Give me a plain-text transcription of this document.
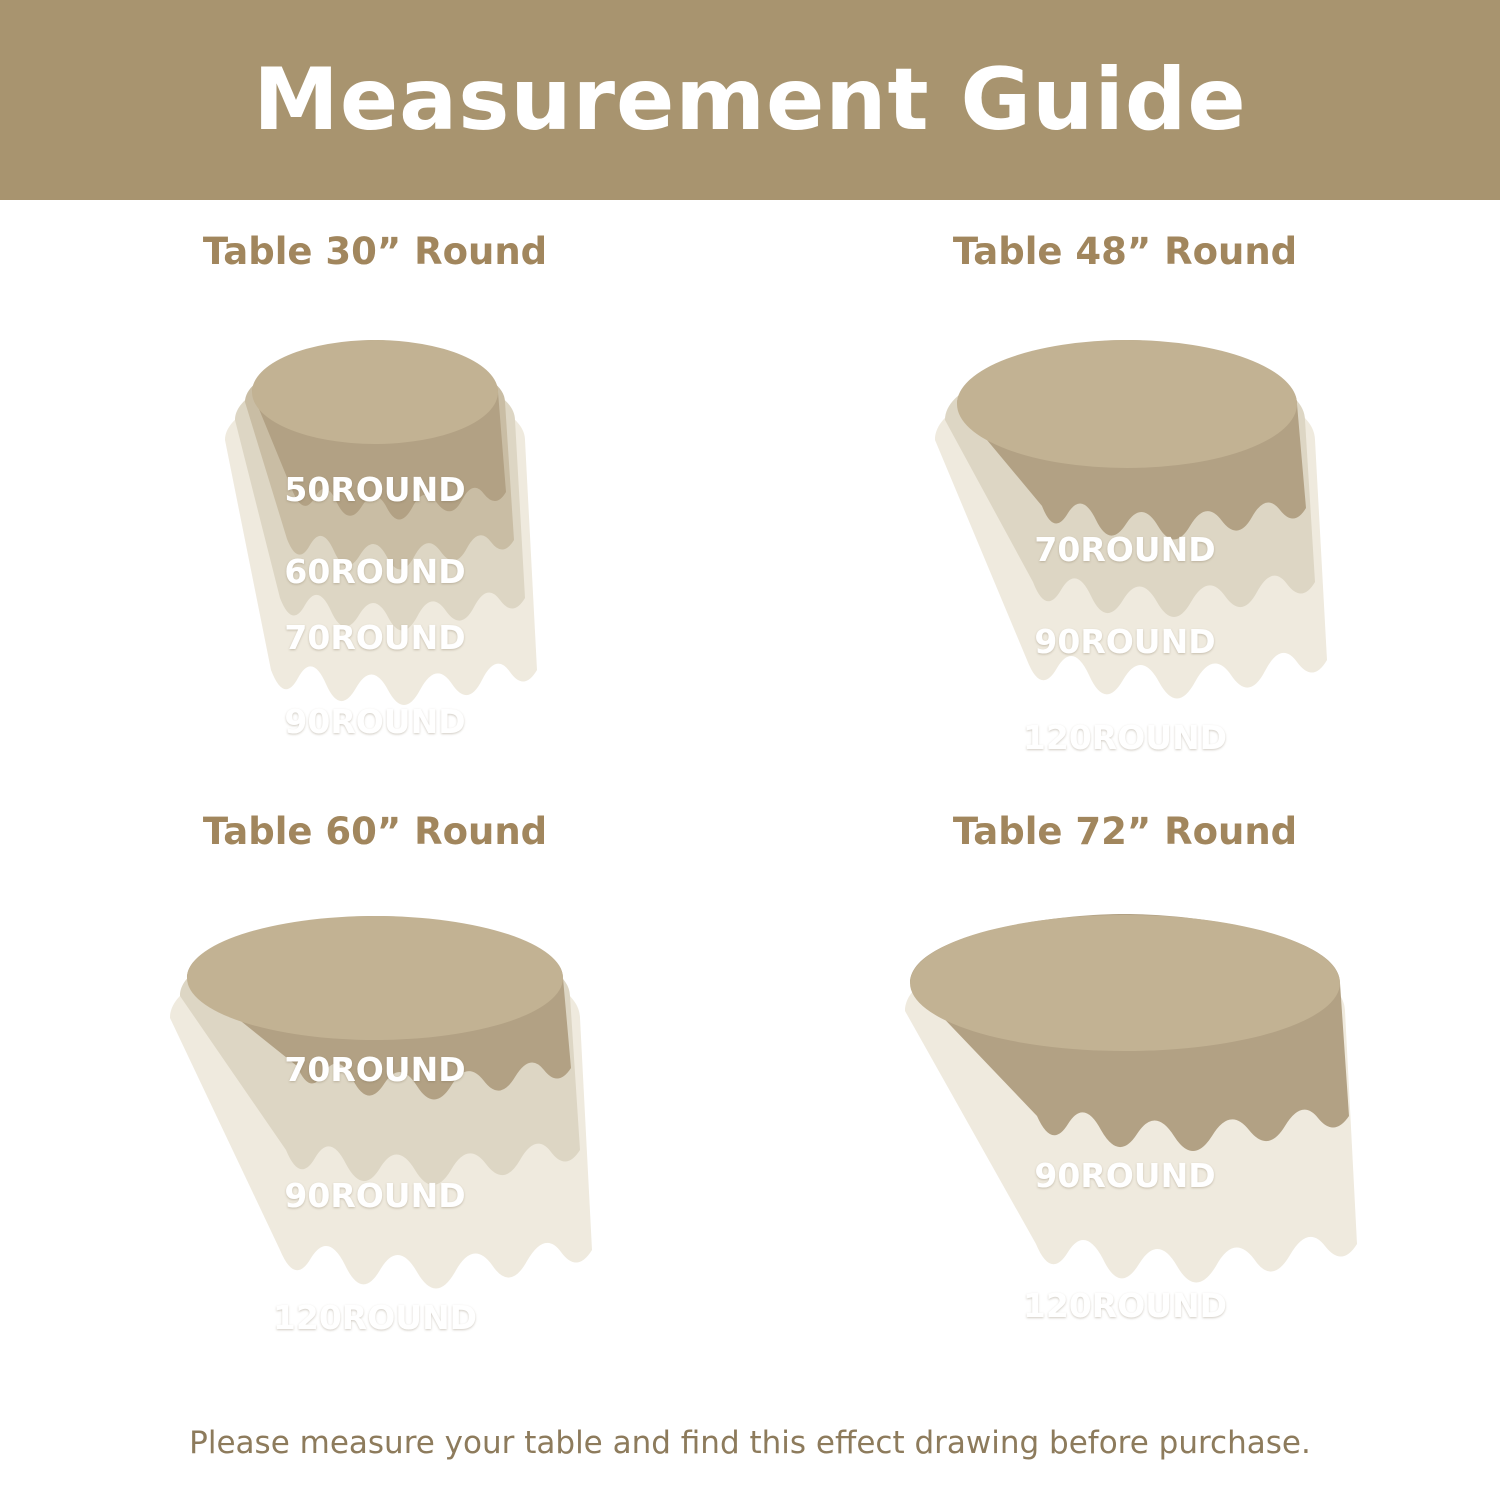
Measurement Guide
Table 30” Round
50ROUND
60ROUND
70ROUND
90ROUND
Table 48” Round
70ROUND
90ROUND
120ROUND
Table 60” Round
70ROUND
90ROUND
120ROUND
Table 72” Round
90ROUND
120ROUND
Please measure your table and find this effect drawing before purchase.
